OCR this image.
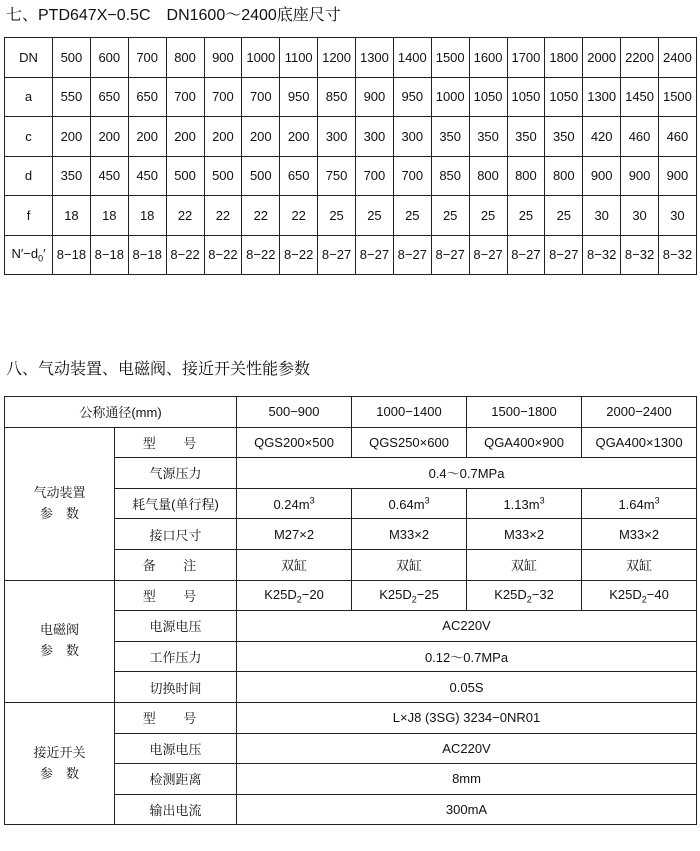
七、PTD647X−0.5C　DN1600～2400底座尺寸
DN	500	600	700	800	900	1000	1100	1200	1300	1400	1500	1600	1700	1800	2000	2200	2400
a	550	650	650	700	700	700	950	850	900	950	1000	1050	1050	1050	1300	1450	1500
c	200	200	200	200	200	200	200	300	300	300	350	350	350	350	420	460	460
d	350	450	450	500	500	500	650	750	700	700	850	800	800	800	900	900	900
f	18	18	18	22	22	22	22	25	25	25	25	25	25	25	30	30	30
$N'-d_0'$	8−18	8−18	8−18	8−22	8−22	8−22	8−22	8−27	8−27	8−27	8−27	8−27	8−27	8−27	8−32	8−32	8−32
八、气动装置、电磁阀、接近开关性能参数
公称通径(mm)		500−900	1000−1400	1500−1800	2000−2400

气动装置
参　数	型 号	QGS200×500	QGS250×600	QGA400×900	QGA400×1300
	气源压力	0.4～0.7MPa			
	耗气量(单行程)	$0.24m^3$	$0.64m^3$	$1.13m^3$	$1.64m^3$
	接口尺寸	M27×2	M33×2	M33×2	M33×2
	备 注	双缸	双缸	双缸	双缸

电磁阀
参　数	型 号	$K25D_2-20$	$K25D_2-25$	$K25D_2-32$	$K25D_2-40$
	电源电压	AC220V			
	工作压力	0.12～0.7MPa			
	切换时间	0.05S			

接近开关
参　数	型 号	L×J8 (3SG) 3234−0NR01			
	电源电压	AC220V			
	检测距离	8mm			
	输出电流	300mA			
